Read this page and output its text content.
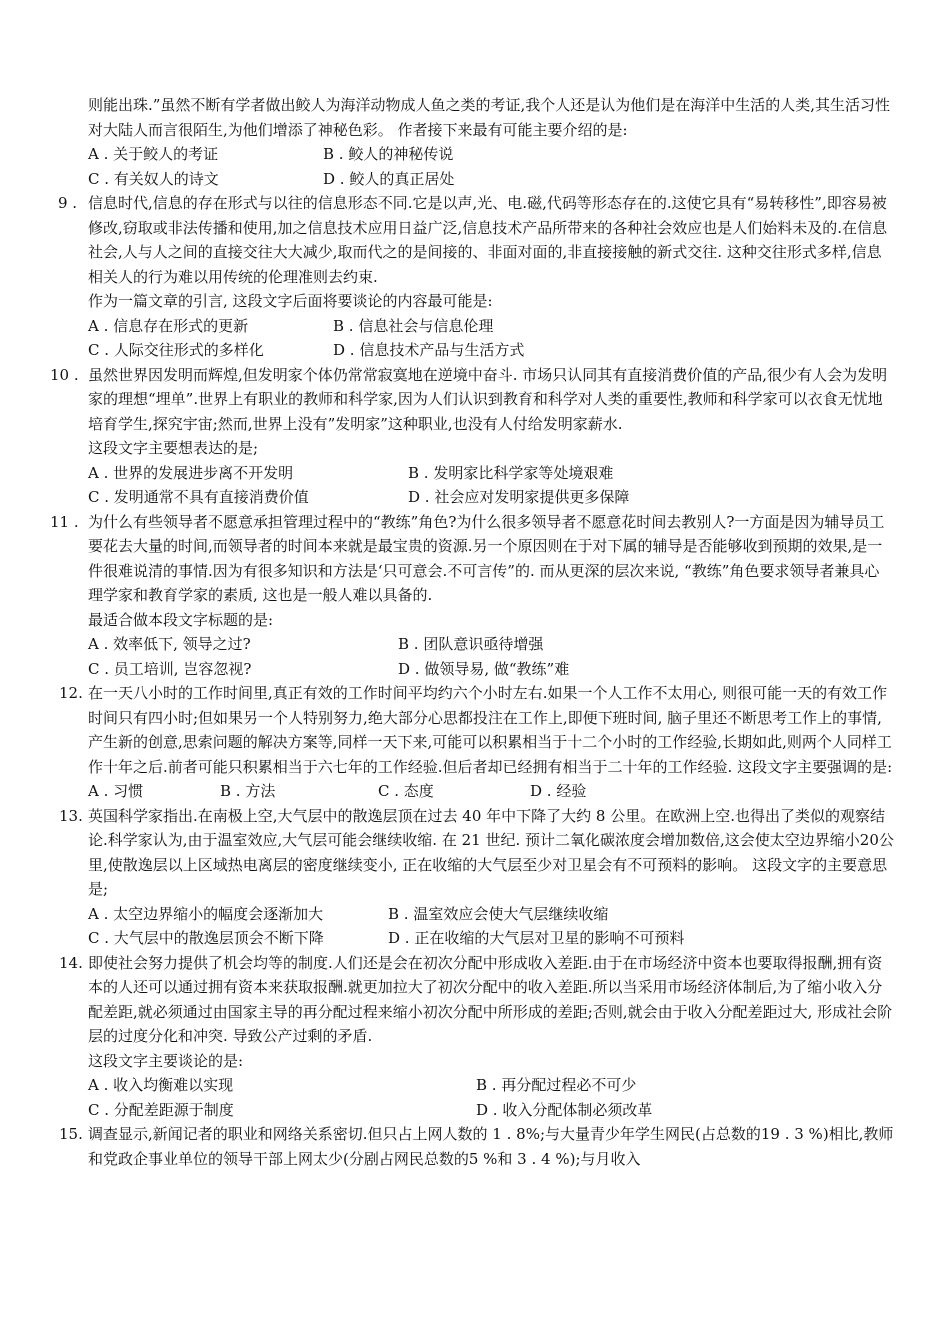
则能出珠.”虽然不断有学者做出鲛人为海洋动物成人鱼之类的考证,我个人还是认为他们是在海洋中生活的人类,其生活习性对大陆人而言很陌生,为他们增添了神秘色彩。 作者接下来最有可能主要介绍的是:

A . 关于鲛人的考证	B . 鲛人的神秘传说
C . 有关奴人的诗文	D . 鲛人的真正居处
9 . 信息时代,信息的存在形式与以往的信息形态不同.它是以声,光、电.磁,代码等形态存在的.这使它具有“易转移性”,即容易被修改,窃取或非法传播和使用,加之信息技术应用日益广泛,信息技术产品所带来的各种社会效应也是人们始料未及的.在信息社会,人与人之间的直接交往大大减少,取而代之的是间接的、非面对面的,非直接接触的新式交往. 这种交往形式多样,信息相关人的行为难以用传统的伦理准则去约束.

作为一篇文章的引言, 这段文字后面将要谈论的内容最可能是:

A . 信息存在形式的更新	B . 信息社会与信息伦理
C . 人际交往形式的多样化	D . 信息技术产品与生活方式
10 . 虽然世界因发明而辉煌,但发明家个体仍常常寂寞地在逆境中奋斗. 市场只认同其有直接消费价值的产品,很少有人会为发明家的理想“埋单”.世界上有职业的教师和科学家,因为人们认识到教育和科学对人类的重要性,教师和科学家可以衣食无忧地培育学生,探究宇宙;然而,世界上没有”发明家”这种职业,也没有人付给发明家薪水.

这段文字主要想表达的是;

A . 世界的发展进步离不开发明	B . 发明家比科学家等处境艰难
C . 发明通常不具有直接消费价值	D . 社会应对发明家提供更多保障
11 . 为什么有些领导者不愿意承担管理过程中的“教练”角色?为什么很多领导者不愿意花时间去教别人?一方面是因为辅导员工要花去大量的时间,而领导者的时间本来就是最宝贵的资源.另一个原因则在于对下属的辅导是否能够收到预期的效果,是一件很难说清的事情.因为有很多知识和方法是‘只可意会.不可言传”的. 而从更深的层次来说, “教练”角色要求领导者兼具心理学家和教育学家的素质, 这也是一般人难以具备的.

最适合做本段文字标题的是:

A . 效率低下, 领导之过?	B . 团队意识亟待增强
C . 员工培训, 岂容忽视?	D . 做领导易, 做“教练”难
12. 在一天八小时的工作时间里,真正有效的工作时间平均约六个小时左右.如果一个人工作不太用心, 则很可能一天的有效工作时间只有四小时;但如果另一个人特别努力,绝大部分心思都投注在工作上,即便下班时间, 脑子里还不断思考工作上的事情,产生新的创意,思索问题的解决方案等,同样一天下来,可能可以积累相当于十二个小时的工作经验,长期如此,则两个人同样工作十年之后.前者可能只积累相当于六七年的工作经验.但后者却已经拥有相当于二十年的工作经验. 这段文字主要强调的是:

A . 习惯	B . 方法	C . 态度	D . 经验
13. 英国科学家指出.在南极上空,大气层中的散逸层顶在过去 40 年中下降了大约 8 公里。在欧洲上空.也得出了类似的观察结论.科学家认为,由于温室效应,大气层可能会继续收缩. 在 21 世纪. 预计二氧化碳浓度会增加数倍,这会使太空边界缩小20公里,使散逸层以上区域热电离层的密度继续变小, 正在收缩的大气层至少对卫星会有不可预料的影响。 这段文字的主要意思是;

A . 太空边界缩小的幅度会逐渐加大	B . 温室效应会使大气层继续收缩
C . 大气层中的散逸层顶会不断下降	D . 正在收缩的大气层对卫星的影响不可预料
14. 即使社会努力提供了机会均等的制度.人们还是会在初次分配中形成收入差距.由于在市场经济中资本也要取得报酬,拥有资本的人还可以通过拥有资本来获取报酬.就更加拉大了初次分配中的收入差距.所以当采用市场经济体制后,为了缩小收入分配差距,就必须通过由国家主导的再分配过程来缩小初次分配中所形成的差距;否则,就会由于收入分配差距过大, 形成社会阶层的过度分化和冲突. 导致公产过剩的矛盾.

这段文字主要谈论的是:

A . 收入均衡难以实现	B . 再分配过程必不可少
C . 分配差距源于制度	D . 收入分配体制必须改革
15. 调查显示,新闻记者的职业和网络关系密切.但只占上网人数的 1 . 8%;与大量青少年学生网民(占总数的19 . 3 %)相比,教师和党政企事业单位的领导干部上网太少(分剧占网民总数的5 %和 3 . 4 %);与月收入
